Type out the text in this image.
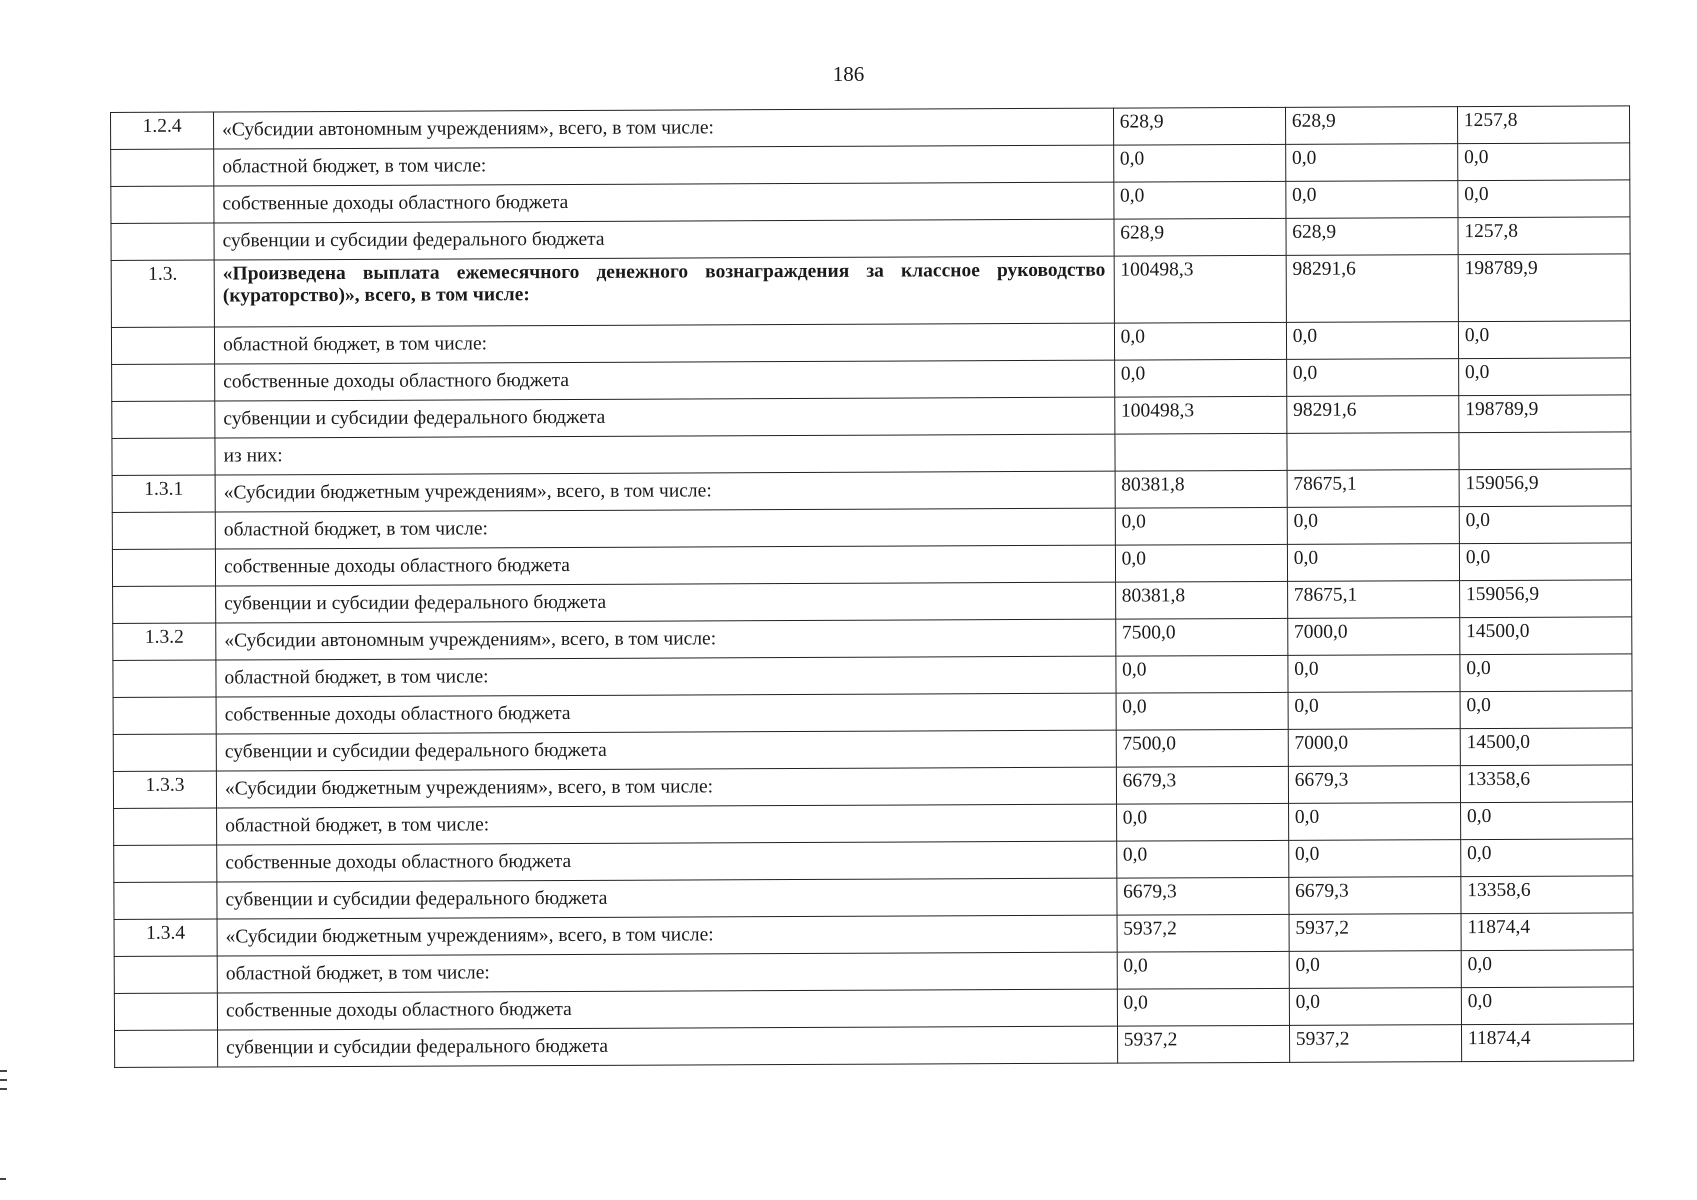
186
1.2.4	«Субсидии автономным учреждениям», всего, в том числе:	628,9	628,9	1257,8
	областной бюджет, в том числе:	0,0	0,0	0,0
	собственные доходы областного бюджета	0,0	0,0	0,0
	субвенции и субсидии федерального бюджета	628,9	628,9	1257,8
1.3.	«Произведена выплата ежемесячного денежного вознаграждения за классное руководство (кураторство)», всего, в том числе:	100498,3	98291,6	198789,9
	областной бюджет, в том числе:	0,0	0,0	0,0
	собственные доходы областного бюджета	0,0	0,0	0,0
	субвенции и субсидии федерального бюджета	100498,3	98291,6	198789,9
	из них:			
1.3.1	«Субсидии бюджетным учреждениям», всего, в том числе:	80381,8	78675,1	159056,9
	областной бюджет, в том числе:	0,0	0,0	0,0
	собственные доходы областного бюджета	0,0	0,0	0,0
	субвенции и субсидии федерального бюджета	80381,8	78675,1	159056,9
1.3.2	«Субсидии автономным учреждениям», всего, в том числе:	7500,0	7000,0	14500,0
	областной бюджет, в том числе:	0,0	0,0	0,0
	собственные доходы областного бюджета	0,0	0,0	0,0
	субвенции и субсидии федерального бюджета	7500,0	7000,0	14500,0
1.3.3	«Субсидии бюджетным учреждениям», всего, в том числе:	6679,3	6679,3	13358,6
	областной бюджет, в том числе:	0,0	0,0	0,0
	собственные доходы областного бюджета	0,0	0,0	0,0
	субвенции и субсидии федерального бюджета	6679,3	6679,3	13358,6
1.3.4	«Субсидии бюджетным учреждениям», всего, в том числе:	5937,2	5937,2	11874,4
	областной бюджет, в том числе:	0,0	0,0	0,0
	собственные доходы областного бюджета	0,0	0,0	0,0
	субвенции и субсидии федерального бюджета	5937,2	5937,2	11874,4
